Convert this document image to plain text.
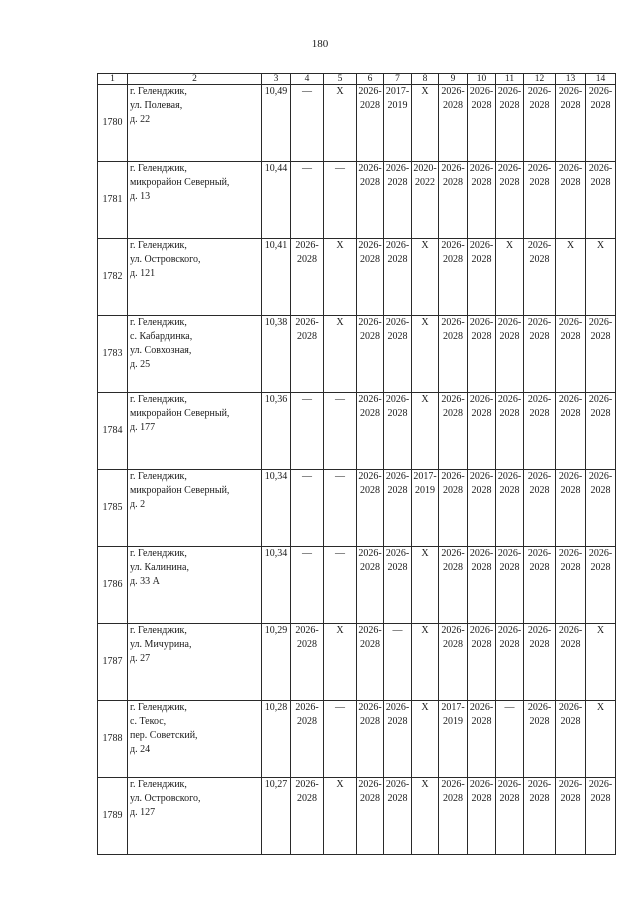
180
1	2	3	4	5	6	7	8	9	10	11	12	13	14
1780	г. Геленджик,
ул. Полевая,
д. 22	10,49	—	Х	2026-
2028	2017-
2019	Х	2026-
2028	2026-
2028	2026-
2028	2026-
2028	2026-
2028	2026-
2028

1781	г. Геленджик,
микрорайон Северный,
д. 13	10,44	—	—	2026-
2028	2026-
2028	2020-
2022	2026-
2028	2026-
2028	2026-
2028	2026-
2028	2026-
2028	2026-
2028

1782	г. Геленджик,
ул. Островского,
д. 121	10,41	2026-
2028	Х	2026-
2028	2026-
2028	Х	2026-
2028	2026-
2028	Х	2026-
2028	Х	Х

1783	г. Геленджик,
с. Кабардинка,
ул. Совхозная,
д. 25	10,38	2026-
2028	Х	2026-
2028	2026-
2028	Х	2026-
2028	2026-
2028	2026-
2028	2026-
2028	2026-
2028	2026-
2028

1784	г. Геленджик,
микрорайон Северный,
д. 177	10,36	—	—	2026-
2028	2026-
2028	Х	2026-
2028	2026-
2028	2026-
2028	2026-
2028	2026-
2028	2026-
2028

1785	г. Геленджик,
микрорайон Северный,
д. 2	10,34	—	—	2026-
2028	2026-
2028	2017-
2019	2026-
2028	2026-
2028	2026-
2028	2026-
2028	2026-
2028	2026-
2028

1786	г. Геленджик,
ул. Калинина,
д. 33 А	10,34	—	—	2026-
2028	2026-
2028	Х	2026-
2028	2026-
2028	2026-
2028	2026-
2028	2026-
2028	2026-
2028

1787	г. Геленджик,
ул. Мичурина,
д. 27	10,29	2026-
2028	Х	2026-
2028	—	Х	2026-
2028	2026-
2028	2026-
2028	2026-
2028	2026-
2028	Х

1788	г. Геленджик,
с. Текос,
пер. Советский,
д. 24	10,28	2026-
2028	—	2026-
2028	2026-
2028	Х	2017-
2019	2026-
2028	—	2026-
2028	2026-
2028	Х

1789	г. Геленджик,
ул. Островского,
д. 127	10,27	2026-
2028	Х	2026-
2028	2026-
2028	Х	2026-
2028	2026-
2028	2026-
2028	2026-
2028	2026-
2028	2026-
2028
